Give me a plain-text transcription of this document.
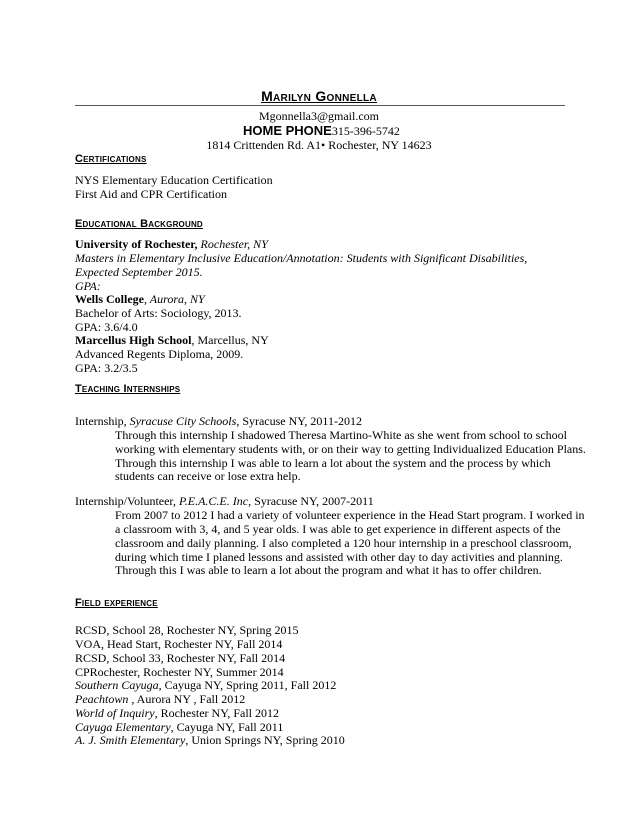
Marilyn Gonnella
Mgonnella3@gmail.com
HOME PHONE315-396-5742
1814 Crittenden Rd. A1• Rochester, NY 14623
Certifications
NYS Elementary Education Certification
First Aid and CPR Certification
Educational Background
University of Rochester, Rochester, NY
Masters in Elementary Inclusive Education/Annotation: Students with Significant Disabilities,
Expected September 2015.
GPA:
Wells College, Aurora, NY
Bachelor of Arts: Sociology, 2013.
GPA: 3.6/4.0
Marcellus High School, Marcellus, NY
Advanced Regents Diploma, 2009.
GPA: 3.2/3.5
Teaching Internships
Internship, Syracuse City Schools, Syracuse NY, 2011-2012
Through this internship I shadowed Theresa Martino-White as she went from school to school
working with elementary students with, or on their way to getting Individualized Education Plans.
Through this internship I was able to learn a lot about the system and the process by which
students can receive or lose extra help.
Internship/Volunteer, P.E.A.C.E. Inc, Syracuse NY, 2007-2011
From 2007 to 2012 I had a variety of volunteer experience in the Head Start program. I worked in
a classroom with 3, 4, and 5 year olds. I was able to get experience in different aspects of the
classroom and daily planning. I also completed a 120 hour internship in a preschool classroom,
during which time I planed lessons and assisted with other day to day activities and planning.
Through this I was able to learn a lot about the program and what it has to offer children.
Field experience
RCSD, School 28, Rochester NY, Spring 2015
VOA, Head Start, Rochester NY, Fall 2014
RCSD, School 33, Rochester NY, Fall 2014
CPRochester, Rochester NY, Summer 2014
Southern Cayuga, Cayuga NY, Spring 2011, Fall 2012
Peachtown , Aurora NY , Fall 2012
World of Inquiry, Rochester NY, Fall 2012
Cayuga Elementary, Cayuga NY, Fall 2011
A. J. Smith Elementary, Union Springs NY, Spring 2010
